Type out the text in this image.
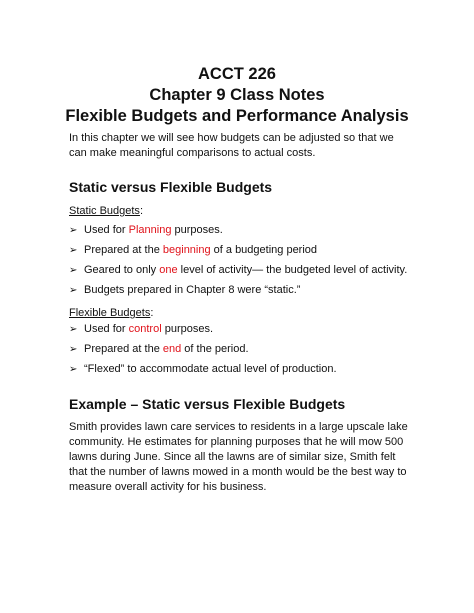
ACCT 226

Chapter 9 Class Notes

Flexible Budgets and Performance Analysis

In this chapter we will see how budgets can be adjusted so that we can make meaningful comparisons to actual costs.

Static versus Flexible Budgets

Static Budgets:

➢ Used for Planning purposes.
➢ Prepared at the beginning of a budgeting period
➢ Geared to only one level of activity— the budgeted level of activity.
➢ Budgets prepared in Chapter 8 were “static.”

Flexible Budgets:

➢ Used for control purposes.
➢ Prepared at the end of the period.
➢ “Flexed” to accommodate actual level of production.

Example – Static versus Flexible Budgets

Smith provides lawn care services to residents in a large upscale lake community. He estimates for planning purposes that he will mow 500 lawns during June. Since all the lawns are of similar size, Smith felt that the number of lawns mowed in a month would be the best way to measure overall activity for his business.
